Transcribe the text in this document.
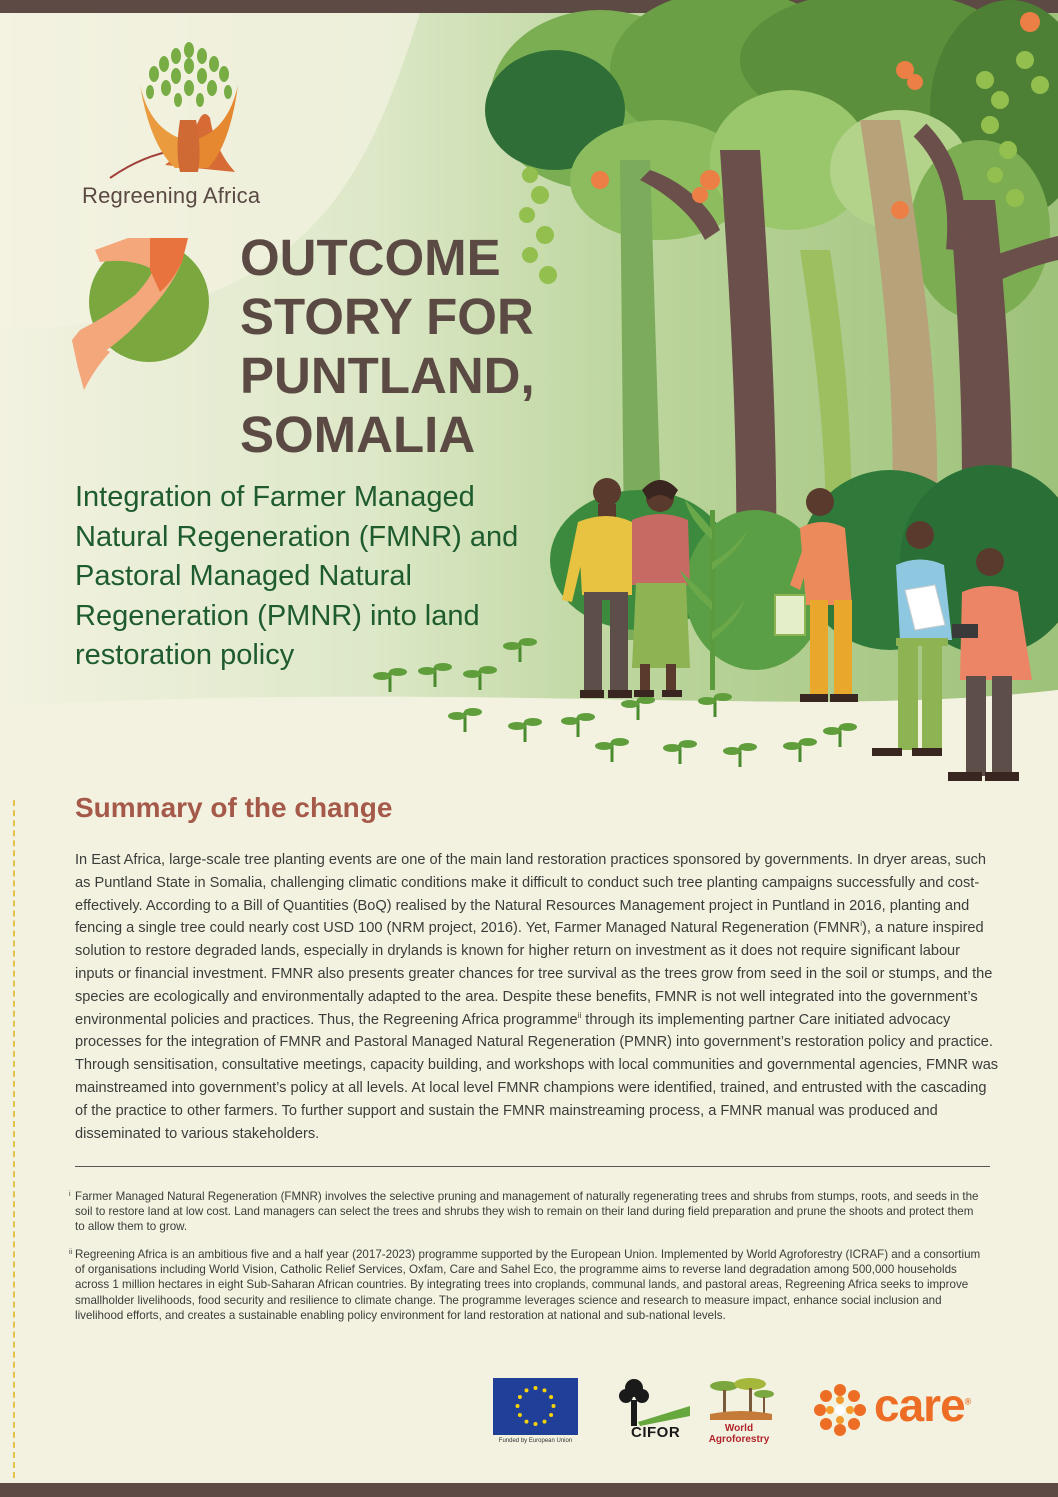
Regreening Africa
OUTCOME
STORY FOR
PUNTLAND,
SOMALIA

Integration of Farmer Managed Natural Regeneration (FMNR) and Pastoral Managed Natural Regeneration (PMNR) into land restoration policy

Summary of the change

In East Africa, large-scale tree planting events are one of the main land restoration practices sponsored by governments. In dryer areas, such as Puntland State in Somalia, challenging climatic conditions make it difficult to conduct such tree planting campaigns successfully and cost-effectively. According to a Bill of Quantities (BoQ) realised by the Natural Resources Management project in Puntland in 2016, planting and fencing a single tree could nearly cost USD 100 (NRM project, 2016). Yet, Farmer Managed Natural Regeneration (FMNR$^i$), a nature inspired solution to restore degraded lands, especially in drylands is known for higher return on investment as it does not require significant labour inputs or financial investment. FMNR also presents greater chances for tree survival as the trees grow from seed in the soil or stumps, and the species are ecologically and environmentally adapted to the area. Despite these benefits, FMNR is not well integrated into the government’s environmental policies and practices. Thus, the Regreening Africa programme$^{ii}$ through its implementing partner Care initiated advocacy processes for the integration of FMNR and Pastoral Managed Natural Regeneration (PMNR) into government’s restoration policy and practice. Through sensitisation, consultative meetings, capacity building, and workshops with local communities and governmental agencies, FMNR was mainstreamed into government’s policy at all levels. At local level FMNR champions were identified, trained, and entrusted with the cascading of the practice to other farmers. To further support and sustain the FMNR mainstreaming process, a FMNR manual was produced and disseminated to various stakeholders.

i Farmer Managed Natural Regeneration (FMNR) involves the selective pruning and management of naturally regenerating trees and shrubs from stumps, roots, and seeds in the soil to restore land at low cost. Land managers can select the trees and shrubs they wish to remain on their land during field preparation and prune the shoots and protect them to allow them to grow.

ii Regreening Africa is an ambitious five and a half year (2017-2023) programme supported by the European Union. Implemented by World Agroforestry (ICRAF) and a consortium of organisations including World Vision, Catholic Relief Services, Oxfam, Care and Sahel Eco, the programme aims to reverse land degradation among 500,000 households across 1 million hectares in eight Sub-Saharan African countries. By integrating trees into croplands, communal lands, and pastoral areas, Regreening Africa seeks to improve smallholder livelihoods, food security and resilience to climate change. The programme leverages science and research to measure impact, enhance social inclusion and livelihood efforts, and creates a sustainable enabling policy environment for land restoration at national and sub-national levels.

Funded by European Union	CIFOR	World
Agroforestry
care®
